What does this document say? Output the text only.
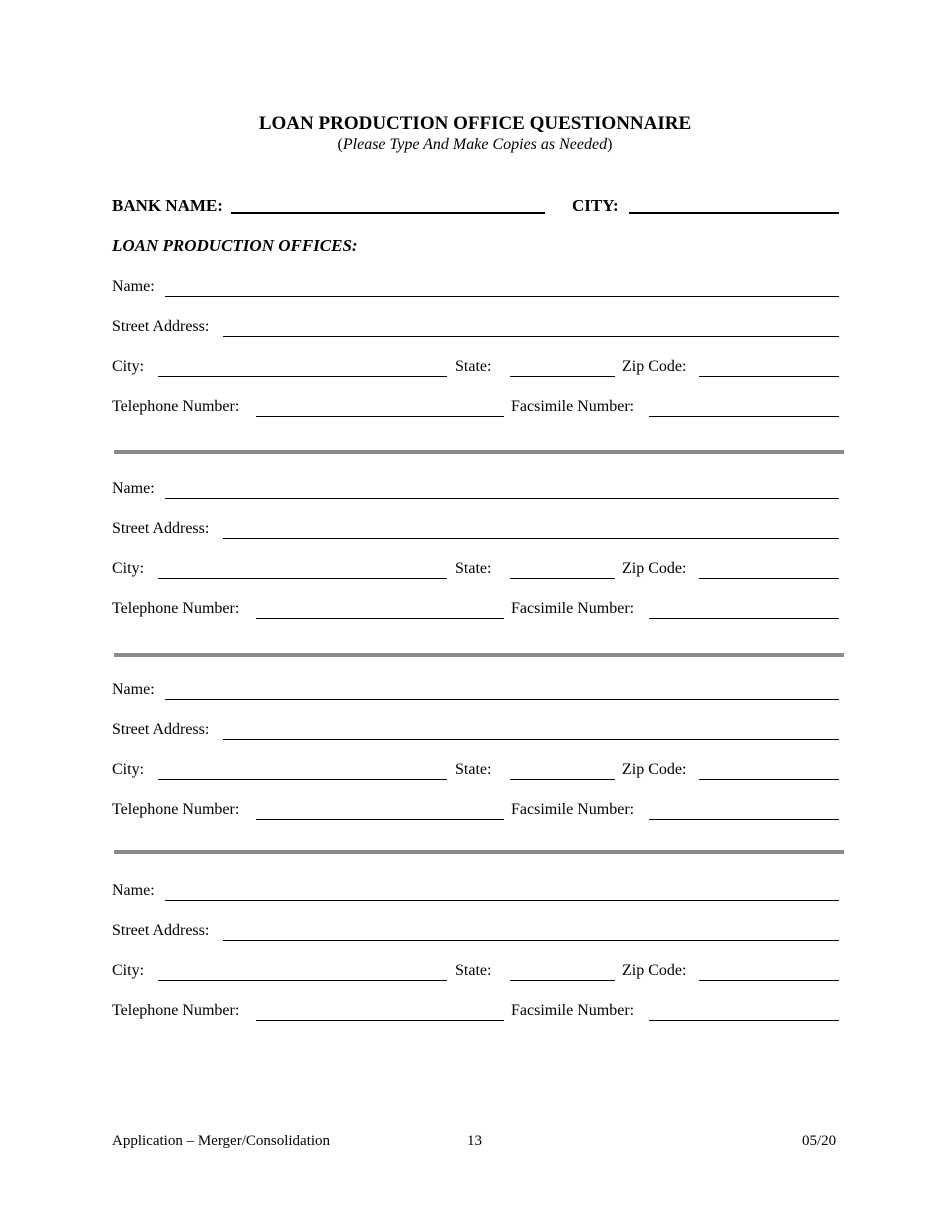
LOAN PRODUCTION OFFICE QUESTIONNAIRE
(Please Type And Make Copies as Needed)
BANK NAME:	CITY:
LOAN PRODUCTION OFFICES:
Name:
Street Address:
City:	State:	Zip Code:
Telephone Number:	Facsimile Number:
Name:
Street Address:
City:	State:	Zip Code:
Telephone Number:	Facsimile Number:
Name:
Street Address:
City:	State:	Zip Code:
Telephone Number:	Facsimile Number:
Name:
Street Address:
City:	State:	Zip Code:
Telephone Number:	Facsimile Number:
Application – Merger/Consolidation	13	05/20
